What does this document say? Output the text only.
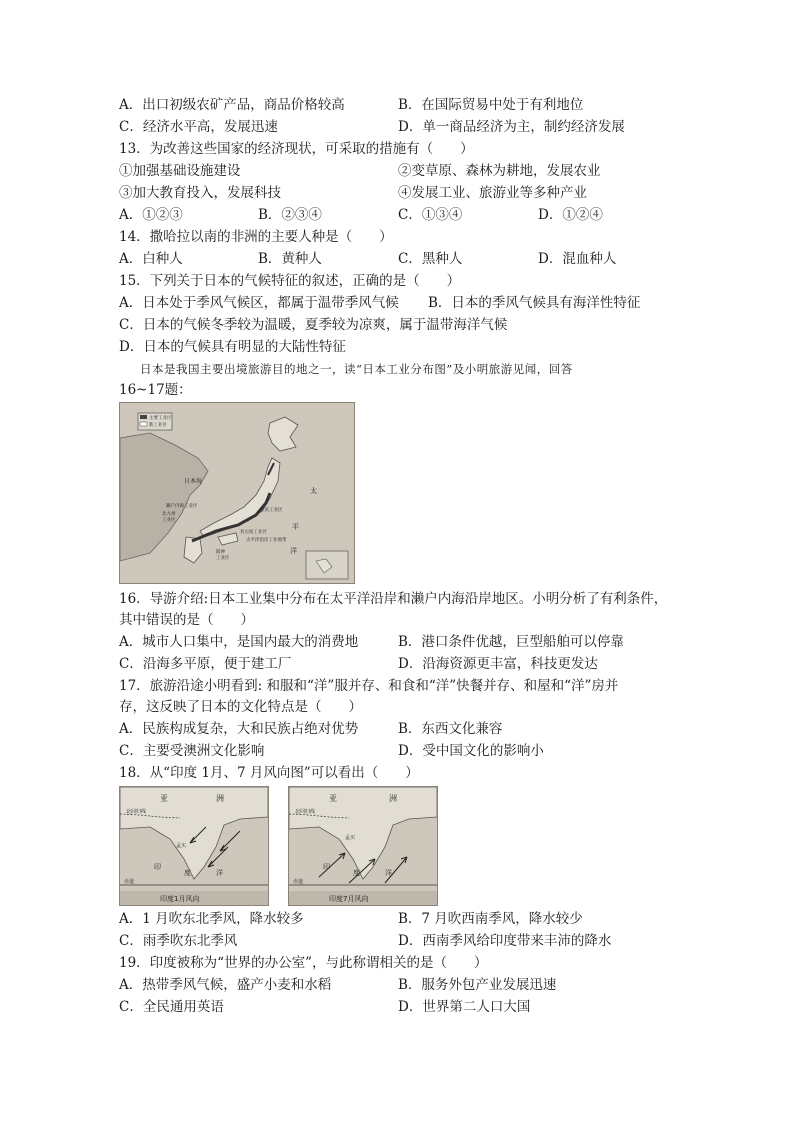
A．出口初级农矿产品，商品价格较高	B．在国际贸易中处于有利地位
C．经济水平高，发展迅速	D．单一商品经济为主，制约经济发展
13．为改善这些国家的经济现状，可采取的措施有（　　）
①加强基础设施建设	②变草原、森林为耕地，发展农业
③加大教育投入，发展科技	④发展工业、旅游业等多种产业
A．①②③	B．②③④	C．①③④	D．①②④
14．撒哈拉以南的非洲的主要人种是（　　）
A．白种人	B．黄种人	C．黑种人	D．混血种人
15．下列关于日本的气候特征的叙述，正确的是（　　）
A．日本处于季风气候区，都属于温带季风气候 B．日本的季风气候具有海洋性特征
C．日本的气候冬季较为温暖，夏季较为凉爽，属于温带海洋气候
D．日本的气候具有明显的大陆性特征
日本是我国主要出境旅游目的地之一，读“日本工业分布图”及小明旅游见闻，回答
16~17题：
主要工业区
新工业区
日本海
太
平
洋
濑户内海工业区
北九州
工业区
京滨工业区
名古屋工业区
太平洋沿岸工业地带
阪神
工业区
16．导游介绍:日本工业集中分布在太平洋沿岸和濑户内海沿岸地区。小明分析了有利条件，
其中错误的是（　　）
A．城市人口集中，是国内最大的消费地	B．港口条件优越，巨型船舶可以停靠
C．沿海多平原，便于建工厂	D．沿海资源更丰富，科技更发达
17．旅游沿途小明看到: 和服和“洋”服并存、和食和“洋”快餐并存、和屋和“洋”房并
存，这反映了日本的文化特点是（　　）
A．民族构成复杂，大和民族占绝对优势	B．东西文化兼容
C．主要受澳洲文化影响	D．受中国文化的影响小
18．从“印度 1月、7 月风向图”可以看出（　　）
亚	洲
北回归线
孟买
印
度	洋
赤道
印度1月风向
亚	洲
北回归线
孟买
印
度	洋
赤道
印度7月风向
A．1 月吹东北季风，降水较多	B．7 月吹西南季风，降水较少
C．雨季吹东北季风	D．西南季风给印度带来丰沛的降水
19．印度被称为“世界的办公室”，与此称谓相关的是（　　）
A．热带季风气候，盛产小麦和水稻	B．服务外包产业发展迅速
C．全民通用英语	D．世界第二人口大国
